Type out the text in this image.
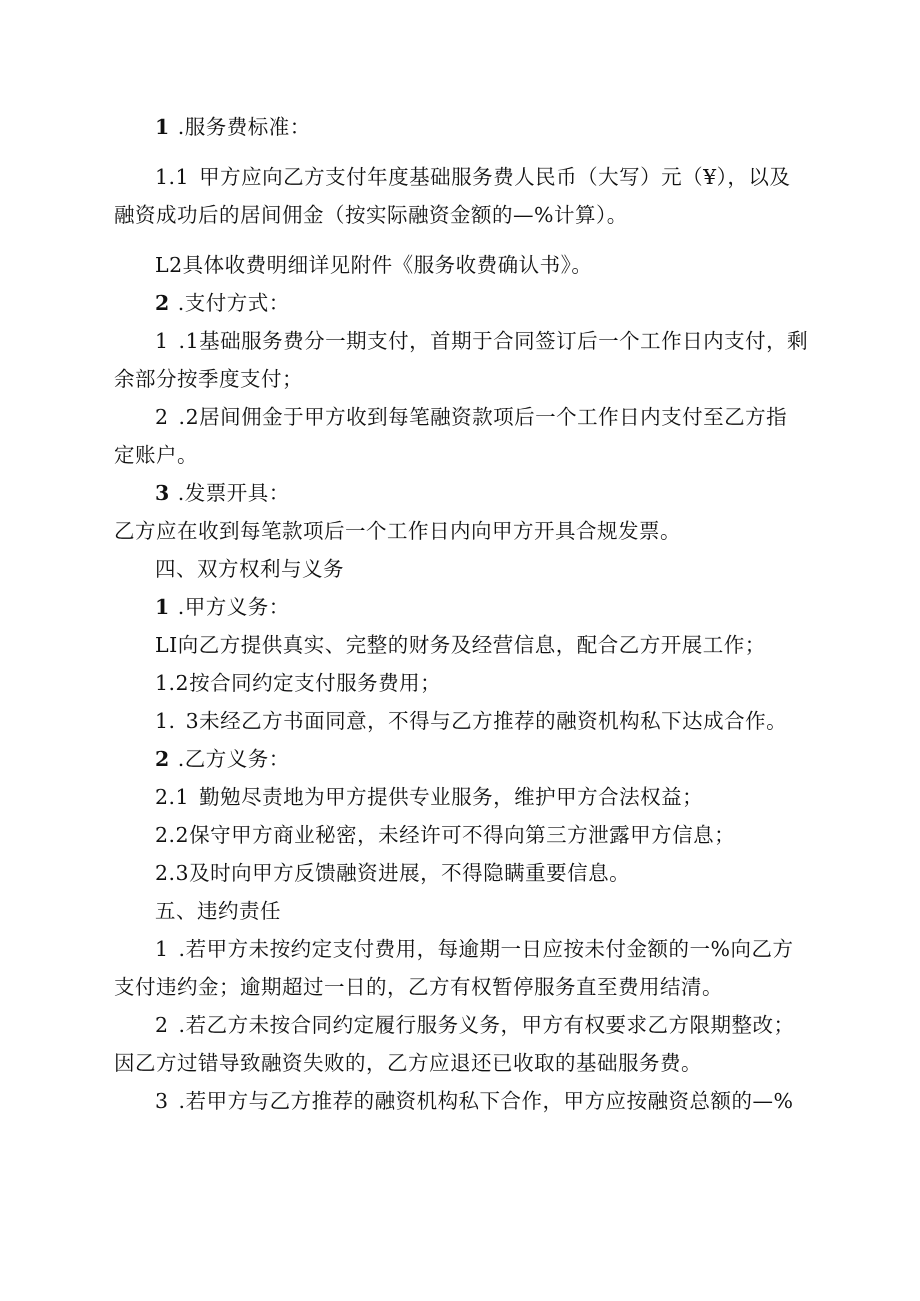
1 .服务费标准：
1.1 甲方应向乙方支付年度基础服务费人民币（大写）元（¥），以及
融资成功后的居间佣金（按实际融资金额的—%计算）。
L2具体收费明细详见附件《服务收费确认书》。
2 .支付方式：
1 .1基础服务费分一期支付，首期于合同签订后一个工作日内支付，剩
余部分按季度支付；
2 .2居间佣金于甲方收到每笔融资款项后一个工作日内支付至乙方指
定账户。
3 .发票开具：
乙方应在收到每笔款项后一个工作日内向甲方开具合规发票。
四、双方权利与义务
1 .甲方义务：
LI向乙方提供真实、完整的财务及经营信息，配合乙方开展工作；
1.2按合同约定支付服务费用；
1. 3未经乙方书面同意，不得与乙方推荐的融资机构私下达成合作。
2 .乙方义务：
2.1 勤勉尽责地为甲方提供专业服务，维护甲方合法权益；
2.2保守甲方商业秘密，未经许可不得向第三方泄露甲方信息；
2.3及时向甲方反馈融资进展，不得隐瞒重要信息。
五、违约责任
1 .若甲方未按约定支付费用，每逾期一日应按未付金额的一%向乙方
支付违约金；逾期超过一日的，乙方有权暂停服务直至费用结清。
2 .若乙方未按合同约定履行服务义务，甲方有权要求乙方限期整改；
因乙方过错导致融资失败的，乙方应退还已收取的基础服务费。
3 .若甲方与乙方推荐的融资机构私下合作，甲方应按融资总额的—%
